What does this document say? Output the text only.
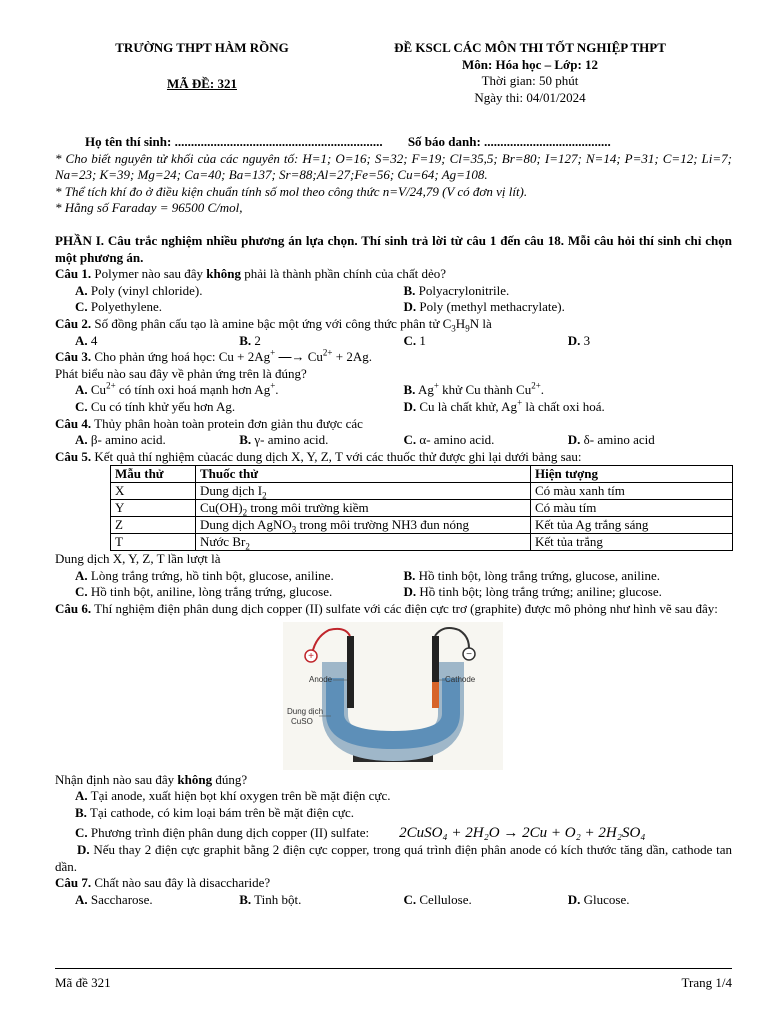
TRƯỜNG THPT HÀM RỒNG
MÃ ĐỀ: 321
ĐỀ KSCL CÁC MÔN THI TỐT NGHIỆP THPT
Môn: Hóa học – Lớp: 12
Thời gian: 50 phút
Ngày thi: 04/01/2024
Họ tên thí sinh: ................................................................ Số báo danh: .......................................
* Cho biết nguyên tử khối của các nguyên tố: H=1; O=16; S=32; F=19; Cl=35,5; Br=80; I=127; N=14; P=31; C=12; Li=7; Na=23; K=39; Mg=24; Ca=40; Ba=137; Sr=88;Al=27;Fe=56; Cu=64; Ag=108.
* Thể tích khí đo ở điều kiện chuẩn tính số mol theo công thức n=V/24,79 (V có đơn vị lít).
* Hằng số Faraday = 96500 C/mol,
PHẦN I. Câu trắc nghiệm nhiều phương án lựa chọn. Thí sinh trả lời từ câu 1 đến câu 18. Mỗi câu hỏi thí sinh chỉ chọn một phương án.
Câu 1. Polymer nào sau đây không phải là thành phần chính của chất dẻo?
A. Poly (vinyl chloride).	B. Polyacrylonitrile.
C. Polyethylene.	D. Poly (methyl methacrylate).
Câu 2. Số đồng phân cấu tạo là amine bậc một ứng với công thức phân tử $C_3H_9N$ là
A. 4	B. 2	C. 1	D. 3
Câu 3. Cho phản ứng hoá học: Cu + 2Ag+ ⎯⎯→ $Cu^{2+} + 2Ag$.
Phát biểu nào sau đây về phản ứng trên là đúng?
A. $Cu^{2+}$ có tính oxi hoá mạnh hơn Ag+.	B. Ag+ khử Cu thành $Cu^{2+}$.
C. Cu có tính khử yếu hơn Ag.	D. Cu là chất khử, Ag+ là chất oxi hoá.
Câu 4. Thủy phân hoàn toàn protein đơn giản thu được các
A. β- amino acid.	B. γ- amino acid.	C. α- amino acid.	D. δ- amino acid
Câu 5. Kết quả thí nghiệm củacác dung dịch X, Y, Z, T với các thuốc thử được ghi lại dưới bảng sau:
Mẫu thử	Thuốc thử	Hiện tượng
X	Dung dịch $I_2$	Có màu xanh tím
Y	$Cu(OH)_2$ trong môi trường kiềm	Có màu tím
Z	Dung dịch AgNO$_3$ trong môi trường NH3 đun nóng	Kết tủa Ag trắng sáng
T	Nước $Br_2$	Kết tủa trắng
Dung dịch X, Y, Z, T lần lượt là
A. Lòng trắng trứng, hồ tinh bột, glucose, aniline.	B. Hồ tinh bột, lòng trắng trứng, glucose, aniline.
C. Hồ tinh bột, aniline, lòng trắng trứng, glucose.	D. Hồ tinh bột; lòng trắng trứng; aniline; glucose.
Câu 6. Thí nghiệm điện phân dung dịch copper (II) sulfate với các điện cực trơ (graphite) được mô phỏng như hình vẽ sau đây:
+	−
Anode	Cathode
Dung dịch
CuSO
Nhận định nào sau đây không đúng?
A. Tại anode, xuất hiện bọt khí oxygen trên bề mặt điện cực.
B. Tại cathode, có kim loại bám trên bề mặt điện cực.
C. Phương trình điện phân dung dịch copper (II) sulfate: 2CuSO₄ + 2H₂O → 2Cu + O₂ + 2H₂SO₄
D. Nếu thay 2 điện cực graphit bằng 2 điện cực copper, trong quá trình điện phân anode có kích thước tăng dần, cathode tan dần.
Câu 7. Chất nào sau đây là disaccharide?
A. Saccharose.	B. Tinh bột.	C. Cellulose.	D. Glucose.
Mã đề 321	Trang 1/4
